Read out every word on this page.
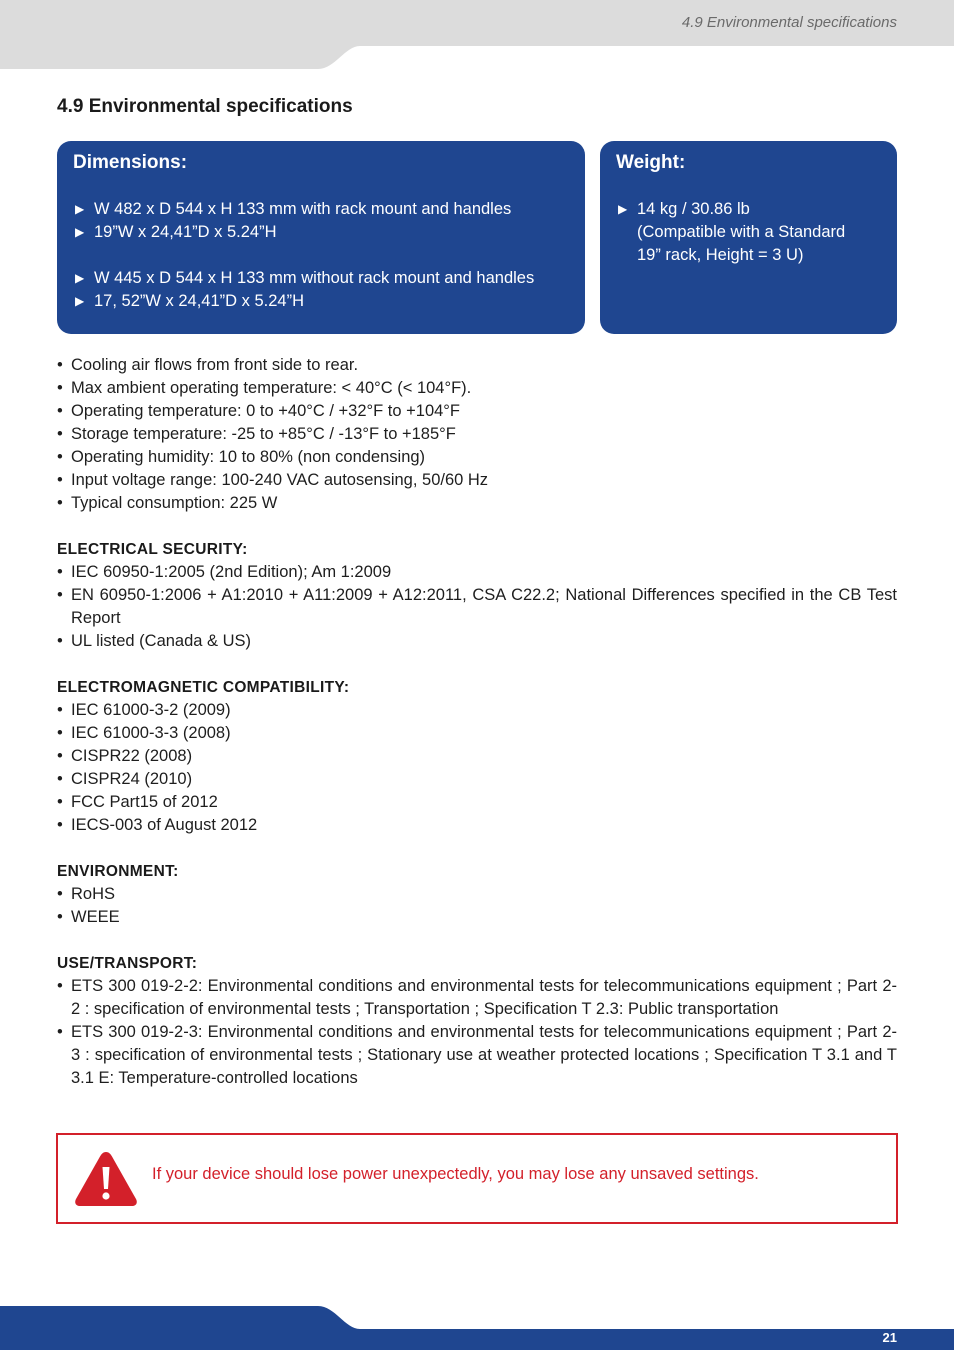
4.9 Environmental specifications
4.9 Environmental specifications
Dimensions:
▶ W 482 x D 544 x H 133 mm with rack mount and handles
▶ 19”W x 24,41”D x 5.24”H
▶ W 445 x D 544 x H 133 mm without rack mount and handles
▶ 17, 52”W x 24,41”D x 5.24”H
Weight:
▶ 14 kg / 30.86 lb
(Compatible with a Standard
19” rack, Height = 3 U)
• Cooling air flows from front side to rear.
• Max ambient operating temperature: < 40°C (< 104°F).
• Operating temperature: 0 to +40°C / +32°F to +104°F
• Storage temperature: -25 to +85°C / -13°F to +185°F
• Operating humidity: 10 to 80% (non condensing)
• Input voltage range: 100-240 VAC autosensing, 50/60 Hz
• Typical consumption: 225 W
ELECTRICAL SECURITY:
• IEC 60950-1:2005 (2nd Edition); Am 1:2009
• EN 60950-1:2006 + A1:2010 + A11:2009 + A12:2011, CSA C22.2; National Differences specified in the CB Test Report
• UL listed (Canada & US)
ELECTROMAGNETIC COMPATIBILITY:
• IEC 61000-3-2 (2009)
• IEC 61000-3-3 (2008)
• CISPR22 (2008)
• CISPR24 (2010)
• FCC Part15 of 2012
• IECS-003 of August 2012
ENVIRONMENT:
• RoHS
• WEEE
USE/TRANSPORT:
• ETS 300 019-2-2: Environmental conditions and environmental tests for telecommunications equipment ; Part 2-2 : specification of environmental tests ; Transportation ; Specification T 2.3: Public transportation
• ETS 300 019-2-3: Environmental conditions and environmental tests for telecommunications equipment ; Part 2-3 : specification of environmental tests ; Stationary use at weather protected locations ; Specification T 3.1 and T 3.1 E: Temperature-controlled locations
If your device should lose power unexpectedly, you may lose any unsaved settings.
21
